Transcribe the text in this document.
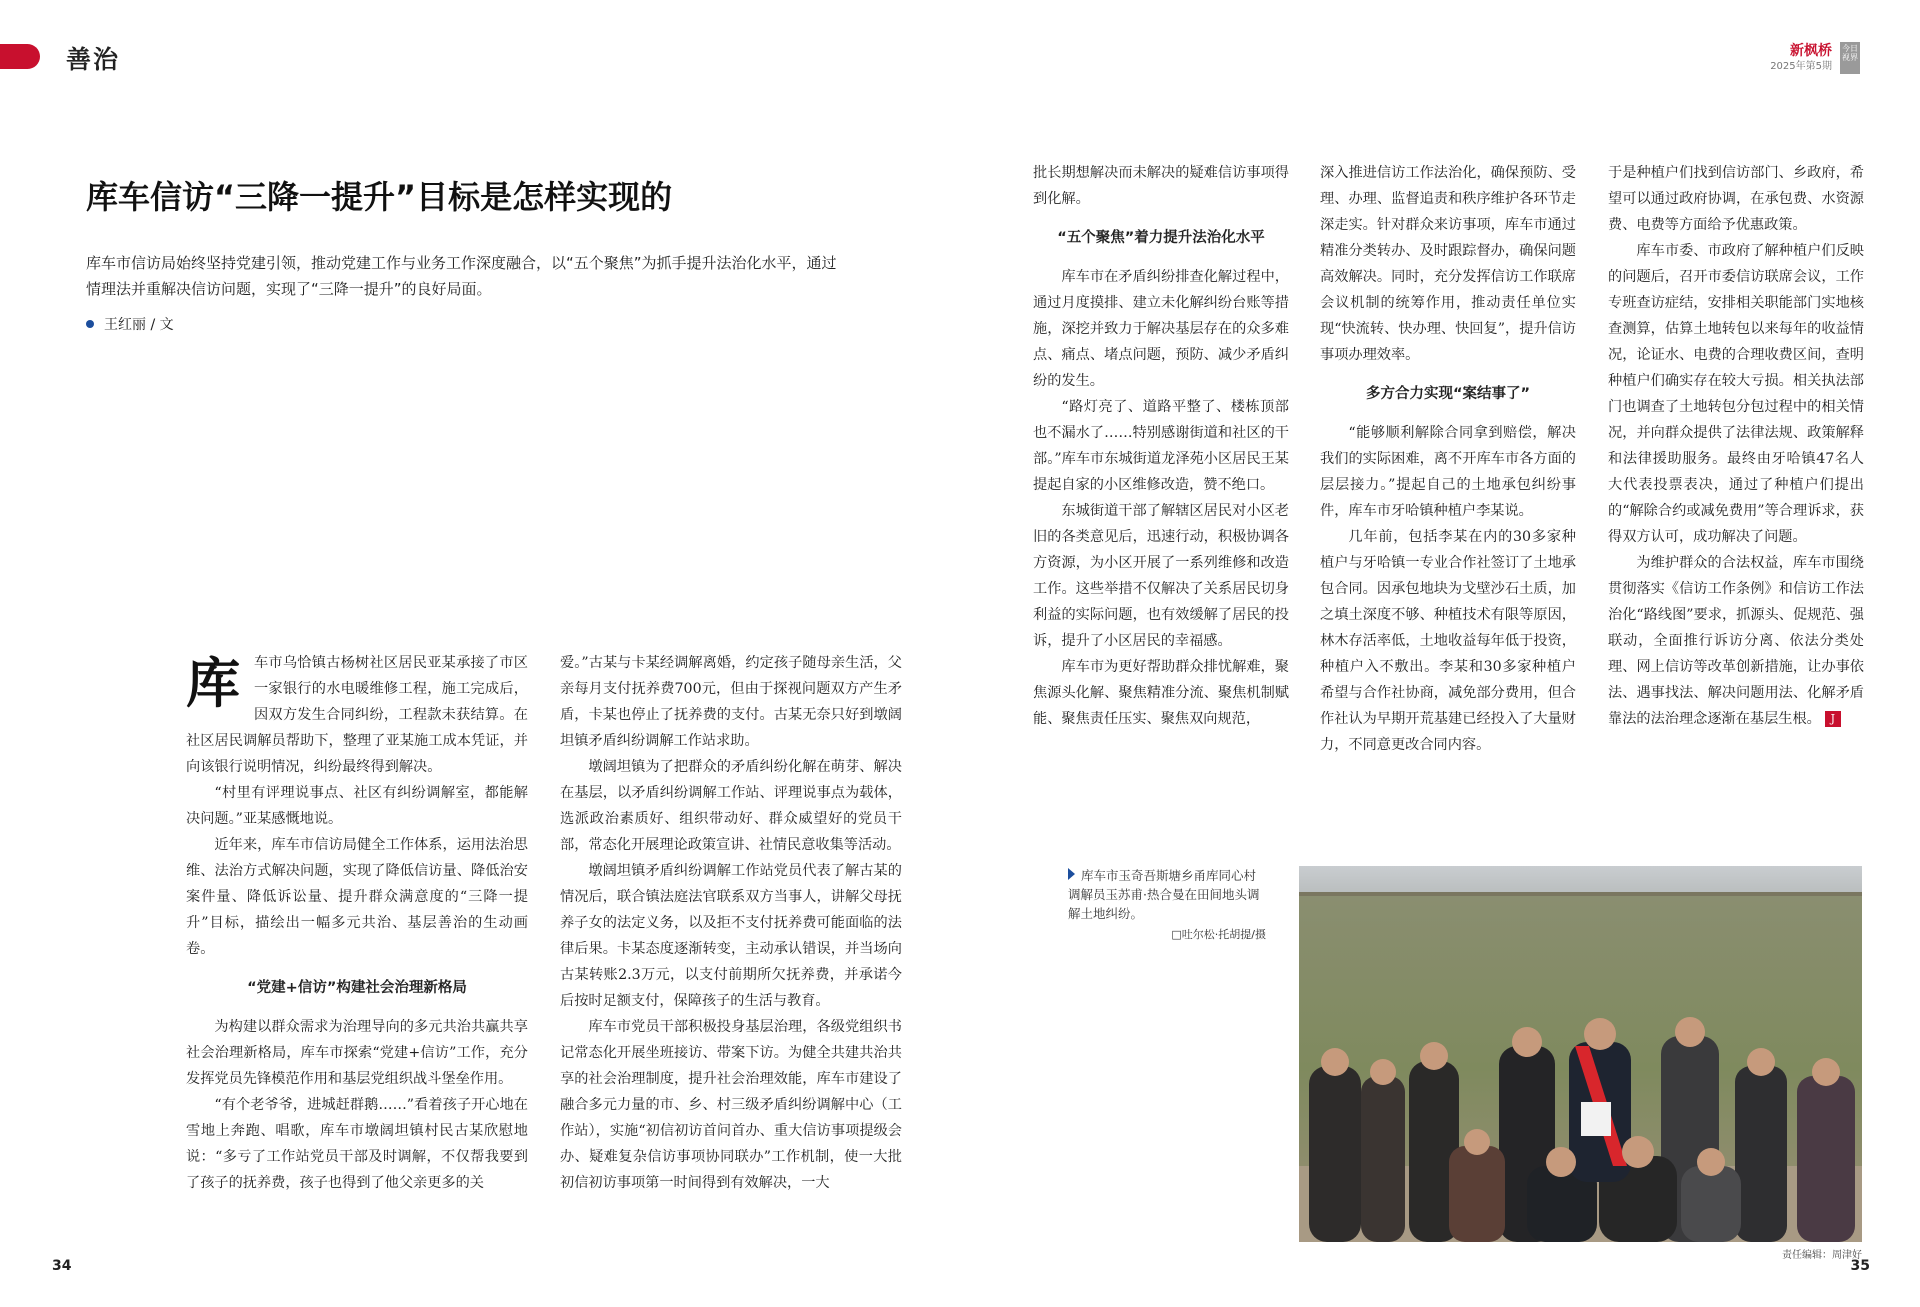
善治	新枫桥
2025年第5期
今日视界
库车信访“三降一提升”目标是怎样实现的
库车市信访局始终坚持党建引领，推动党建工作与业务工作深度融合，以“五个聚焦”为抓手提升法治化水平，通过情理法并重解决信访问题，实现了“三降一提升”的良好局面。
王红丽 / 文
库 车市乌恰镇古杨树社区居民亚某承接了市区一家银行的水电暖维修工程，施工完成后，因双方发生合同纠纷，工程款未获结算。在社区居民调解员帮助下，整理了亚某施工成本凭证，并向该银行说明情况，纠纷最终得到解决。

“村里有评理说事点、社区有纠纷调解室，都能解决问题。”亚某感慨地说。

近年来，库车市信访局健全工作体系，运用法治思维、法治方式解决问题，实现了降低信访量、降低治安案件量、降低诉讼量、提升群众满意度的“三降一提升”目标，描绘出一幅多元共治、基层善治的生动画卷。

“党建+信访”构建社会治理新格局

为构建以群众需求为治理导向的多元共治共赢共享社会治理新格局，库车市探索“党建+信访”工作，充分发挥党员先锋模范作用和基层党组织战斗堡垒作用。

“有个老爷爷，进城赶群鹅……”看着孩子开心地在雪地上奔跑、唱歌，库车市墩阔坦镇村民古某欣慰地说：“多亏了工作站党员干部及时调解，不仅帮我要到了孩子的抚养费，孩子也得到了他父亲更多的关

爱。”古某与卡某经调解离婚，约定孩子随母亲生活，父亲每月支付抚养费700元，但由于探视问题双方产生矛盾，卡某也停止了抚养费的支付。古某无奈只好到墩阔坦镇矛盾纠纷调解工作站求助。

墩阔坦镇为了把群众的矛盾纠纷化解在萌芽、解决在基层，以矛盾纠纷调解工作站、评理说事点为载体，选派政治素质好、组织带动好、群众威望好的党员干部，常态化开展理论政策宣讲、社情民意收集等活动。

墩阔坦镇矛盾纠纷调解工作站党员代表了解古某的情况后，联合镇法庭法官联系双方当事人，讲解父母抚养子女的法定义务，以及拒不支付抚养费可能面临的法律后果。卡某态度逐渐转变，主动承认错误，并当场向古某转账2.3万元，以支付前期所欠抚养费，并承诺今后按时足额支付，保障孩子的生活与教育。

库车市党员干部积极投身基层治理，各级党组织书记常态化开展坐班接访、带案下访。为健全共建共治共享的社会治理制度，提升社会治理效能，库车市建设了融合多元力量的市、乡、村三级矛盾纠纷调解中心（工作站），实施“初信初访首问首办、重大信访事项提级会办、疑难复杂信访事项协同联办”工作机制，使一大批初信初访事项第一时间得到有效解决，一大

批长期想解决而未解决的疑难信访事项得到化解。

“五个聚焦”着力提升法治化水平

库车市在矛盾纠纷排查化解过程中，通过月度摸排、建立未化解纠纷台账等措施，深挖并致力于解决基层存在的众多难点、痛点、堵点问题，预防、减少矛盾纠纷的发生。

“路灯亮了、道路平整了、楼栋顶部也不漏水了……特别感谢街道和社区的干部。”库车市东城街道龙泽苑小区居民王某提起自家的小区维修改造，赞不绝口。

东城街道干部了解辖区居民对小区老旧的各类意见后，迅速行动，积极协调各方资源，为小区开展了一系列维修和改造工作。这些举措不仅解决了关系居民切身利益的实际问题，也有效缓解了居民的投诉，提升了小区居民的幸福感。

库车市为更好帮助群众排忧解难，聚焦源头化解、聚焦精准分流、聚焦机制赋能、聚焦责任压实、聚焦双向规范，

深入推进信访工作法治化，确保预防、受理、办理、监督追责和秩序维护各环节走深走实。针对群众来访事项，库车市通过精准分类转办、及时跟踪督办，确保问题高效解决。同时，充分发挥信访工作联席会议机制的统筹作用，推动责任单位实现“快流转、快办理、快回复”，提升信访事项办理效率。

多方合力实现“案结事了”

“能够顺利解除合同拿到赔偿，解决我们的实际困难，离不开库车市各方面的层层接力。”提起自己的土地承包纠纷事件，库车市牙哈镇种植户李某说。

几年前，包括李某在内的30多家种植户与牙哈镇一专业合作社签订了土地承包合同。因承包地块为戈壁沙石土质，加之填土深度不够、种植技术有限等原因，林木存活率低，土地收益每年低于投资，种植户入不敷出。李某和30多家种植户希望与合作社协商，减免部分费用，但合作社认为早期开荒基建已经投入了大量财力，不同意更改合同内容。

于是种植户们找到信访部门、乡政府，希望可以通过政府协调，在承包费、水资源费、电费等方面给予优惠政策。

库车市委、市政府了解种植户们反映的问题后，召开市委信访联席会议，工作专班查访症结，安排相关职能部门实地核查测算，估算土地转包以来每年的收益情况，论证水、电费的合理收费区间，查明种植户们确实存在较大亏损。相关执法部门也调查了土地转包分包过程中的相关情况，并向群众提供了法律法规、政策解释和法律援助服务。最终由牙哈镇47名人大代表投票表决，通过了种植户们提出的“解除合约或减免费用”等合理诉求，获得双方认可，成功解决了问题。

为维护群众的合法权益，库车市围绕贯彻落实《信访工作条例》和信访工作法治化“路线图”要求，抓源头、促规范、强联动，全面推行诉访分离、依法分类处理、网上信访等改革创新措施，让办事依法、遇事找法、解决问题用法、化解矛盾靠法的法治理念逐渐在基层生根。 J

库车市玉奇吾斯塘乡甬库同心村调解员玉苏甫·热合曼在田间地头调解土地纠纷。
□吐尔松·托胡提/摄
责任编辑：周津好
34	35
